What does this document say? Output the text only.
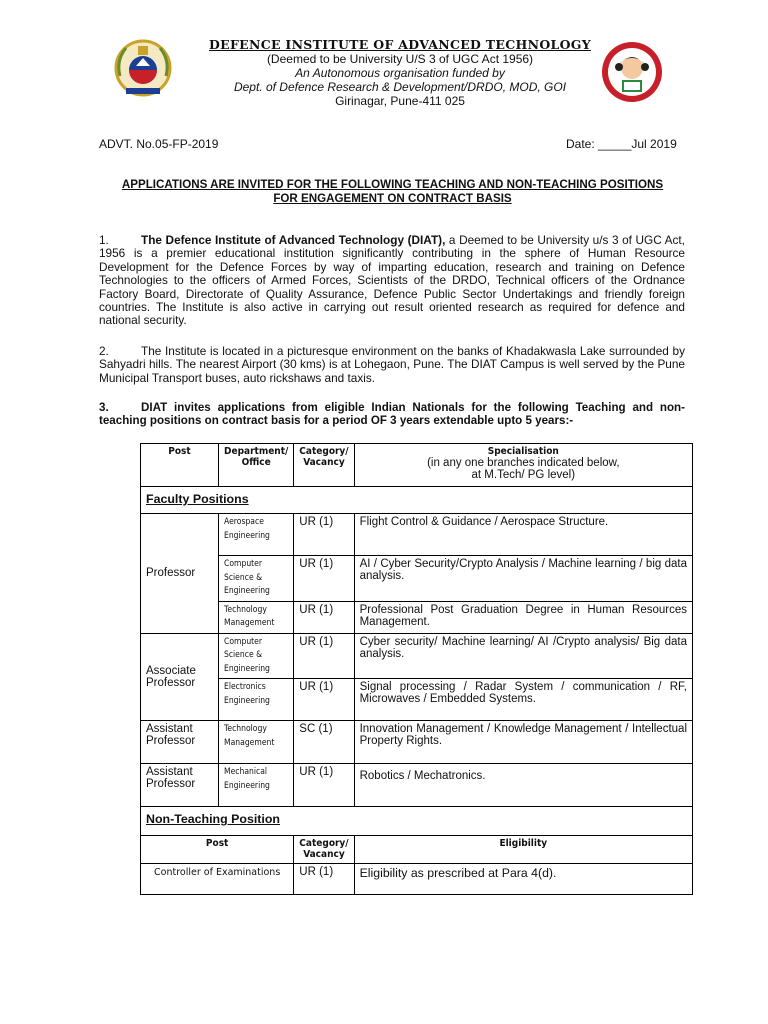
DEFENCE INSTITUTE OF ADVANCED TECHNOLOGY
(Deemed to be University U/S 3 of UGC Act 1956)
An Autonomous organisation funded by
Dept. of Defence Research & Development/DRDO, MOD, GOI
Girinagar, Pune-411 025
ADVT. No.05-FP-2019	Date: _____Jul 2019
APPLICATIONS ARE INVITED FOR THE FOLLOWING TEACHING AND NON-TEACHING POSITIONS
FOR ENGAGEMENT ON CONTRACT BASIS
1.	The Defence Institute of Advanced Technology (DIAT), a Deemed to be University u/s 3 of UGC Act, 1956 is a premier educational institution significantly contributing in the sphere of Human Resource Development for the Defence Forces by way of imparting education, research and training on Defence Technologies to the officers of Armed Forces, Scientists of the DRDO, Technical officers of the Ordnance Factory Board, Directorate of Quality Assurance, Defence Public Sector Undertakings and friendly foreign countries. The Institute is also active in carrying out result oriented research as required for defence and national security.
2.	The Institute is located in a picturesque environment on the banks of Khadakwasla Lake surrounded by Sahyadri hills. The nearest Airport (30 kms) is at Lohegaon, Pune. The DIAT Campus is well served by the Pune Municipal Transport buses, auto rickshaws and taxis.
3.	DIAT invites applications from eligible Indian Nationals for the following Teaching and non-teaching positions on contract basis for a period OF 3 years extendable upto 5 years:-
Post	Department/ Office	Category/ Vacancy	Specialisation
(in any one branches indicated below,
at M.Tech/ PG level)

Faculty Positions			
Professor	Aerospace Engineering	UR (1)	Flight Control & Guidance / Aerospace Structure.

	Computer Science & Engineering	UR (1)	AI / Cyber Security/Crypto Analysis / Machine learning / big data analysis.

	Technology Management	UR (1)	Professional Post Graduation Degree in Human Resources Management.
Associate Professor	Computer Science & Engineering	UR (1)	Cyber security/ Machine learning/ AI /Crypto analysis/ Big data analysis.

	Electronics Engineering	UR (1)	Signal processing / Radar System / communication / RF, Microwaves / Embedded Systems.
Assistant Professor	Technology Management	SC (1)	Innovation Management / Knowledge Management / Intellectual Property Rights.
Assistant Professor	Mechanical Engineering	UR (1)	Robotics / Mechatronics.
Non-Teaching Position			
Post		Category/ Vacancy	Eligibility
Controller of Examinations		UR (1)	Eligibility as prescribed at Para 4(d).
